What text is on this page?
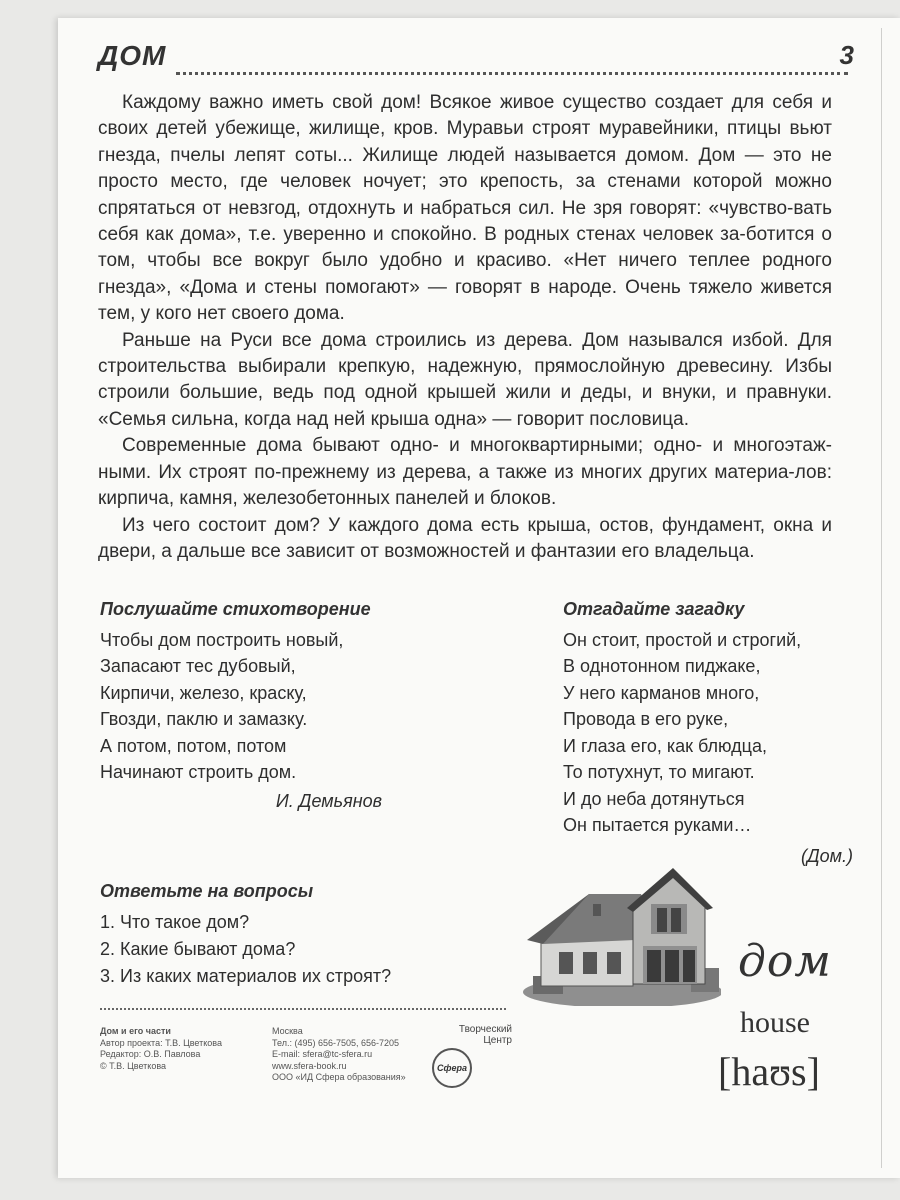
ДОМ	3

Каждому важно иметь свой дом! Всякое живое существо создает для себя и своих детей убежище, жилище, кров. Муравьи строят муравейники, птицы вьют гнезда, пчелы лепят соты... Жилище людей называется домом. Дом — это не просто место, где человек ночует; это крепость, за стенами которой можно спрятаться от невзгод, отдохнуть и набраться сил. Не зря говорят: «чувство-вать себя как дома», т.е. уверенно и спокойно. В родных стенах человек за-ботится о том, чтобы все вокруг было удобно и красиво. «Нет ничего теплее родного гнезда», «Дома и стены помогают» — говорят в народе. Очень тяжело живется тем, у кого нет своего дома.

Раньше на Руси все дома строились из дерева. Дом назывался избой. Для строительства выбирали крепкую, надежную, прямослойную древесину. Избы строили большие, ведь под одной крышей жили и деды, и внуки, и правнуки. «Семья сильна, когда над ней крыша одна» — говорит пословица.

Современные дома бывают одно- и многоквартирными; одно- и многоэтаж-ными. Их строят по-прежнему из дерева, а также из многих других материа-лов: кирпича, камня, железобетонных панелей и блоков.

Из чего состоит дом? У каждого дома есть крыша, остов, фундамент, окна и двери, а дальше все зависит от возможностей и фантазии его владельца.

Послушайте стихотворение
Чтобы дом построить новый,
Запасают тес дубовый,
Кирпичи, железо, краску,
Гвозди, паклю и замазку.
А потом, потом, потом
Начинают строить дом.
И. Демьянов
Отгадайте загадку
Он стоит, простой и строгий,
В однотонном пиджаке,
У него карманов много,
Провода в его руке,
И глаза его, как блюдца,
То потухнут, то мигают.
И до неба дотянуться
Он пытается руками…
(Дом.)
Ответьте на вопросы
1. Что такое дом?
2. Какие бывают дома?
3. Из каких материалов их строят?	дом
house
[haʊs]
Дом и его части
Автор проекта: Т.В. Цветкова
Редактор: О.В. Павлова
© Т.В. Цветкова
Москва
Тел.: (495) 656-7505, 656-7205
E-mail: sfera@tc-sfera.ru
www.sfera-book.ru
ООО «ИД Сфера образования»
Творческий
Центр
Сфера
